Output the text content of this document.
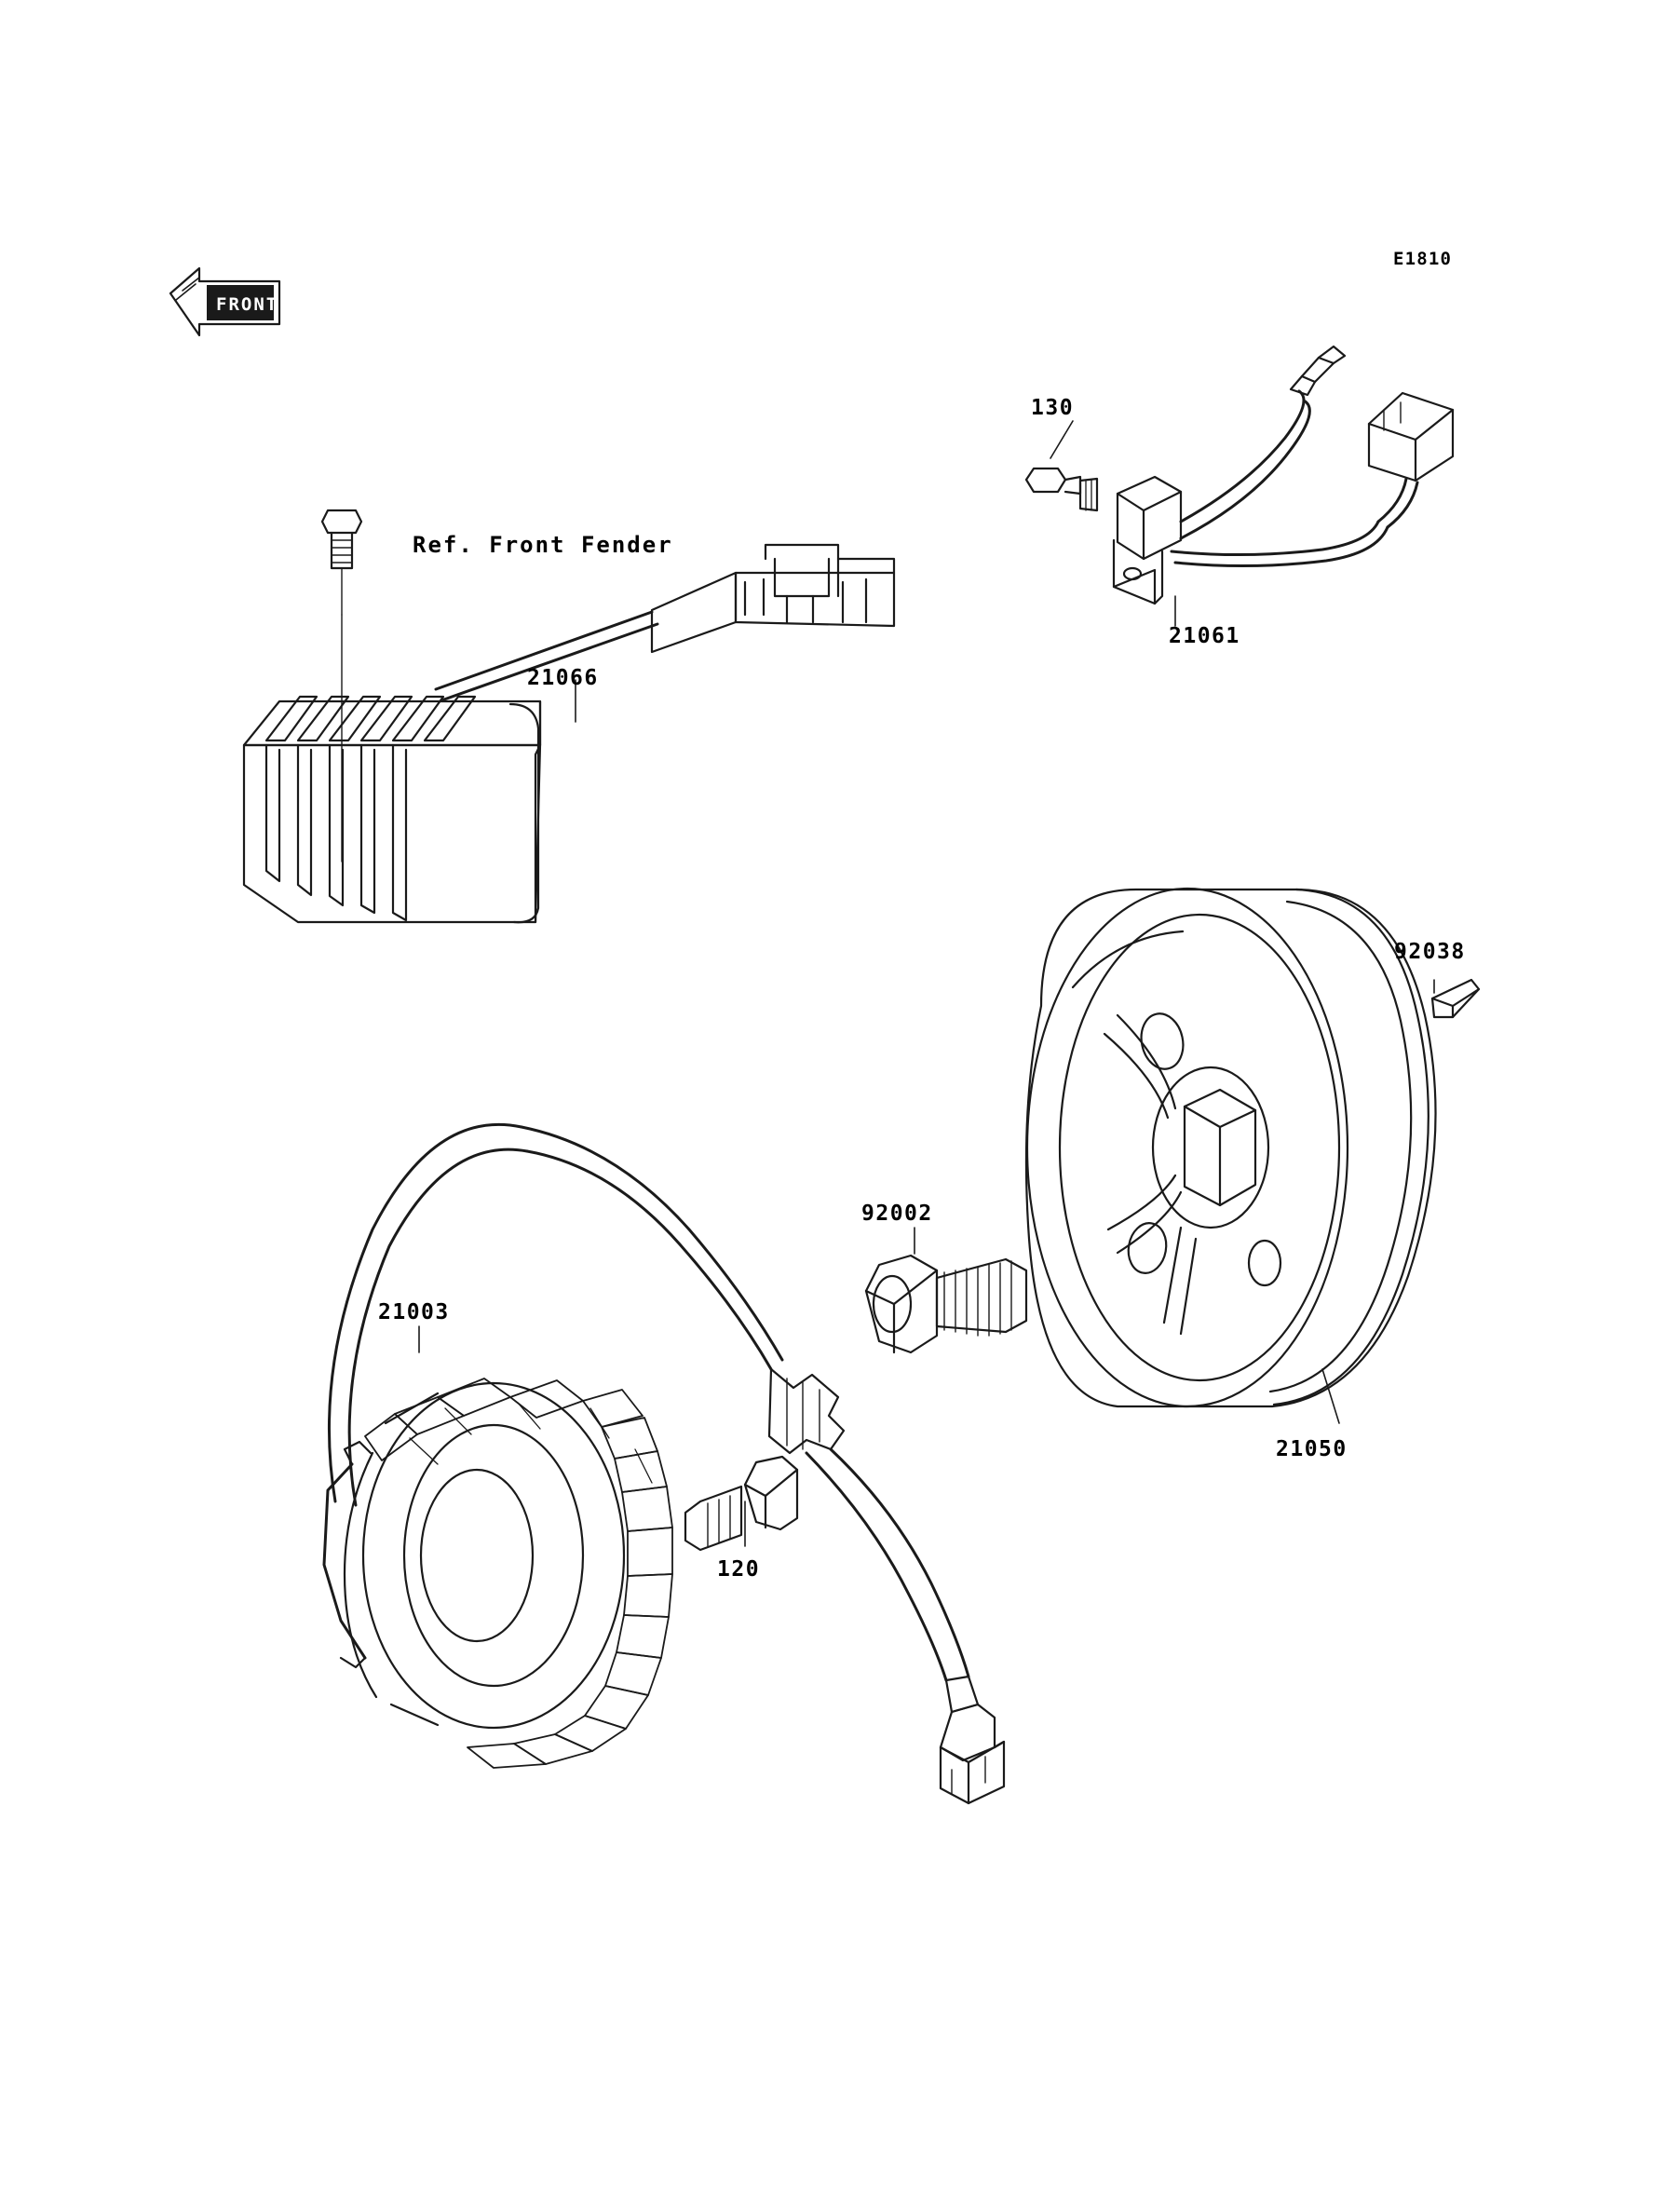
E1810
Ref. Front Fender
21066
130
21061
92038
21050
92002
21003
120
FRONT
